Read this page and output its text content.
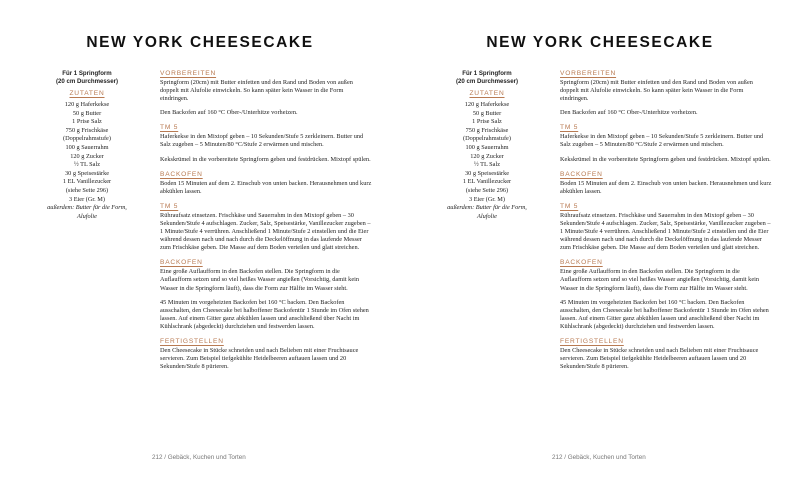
NEW YORK CHEESECAKE
Für 1 Springform
(20 cm Durchmesser)
ZUTATEN
120 g Haferkekse
50 g Butter
1 Prise Salz
750 g Frischkäse
(Doppelrahmstufe)
100 g Sauerrahm
120 g Zucker
½ TL Salz
30 g Speisestärke
1 EL Vanillezucker
(siehe Seite 296)
3 Eier (Gr. M)
außerdem: Butter für die Form, Alufolie
VORBEREITEN

Springform (20cm) mit Butter einfetten und den Rand und Boden von außen doppelt mit Alufolie einwickeln. So kann später kein Wasser in die Form eindringen.

Den Backofen auf 160 °C Ober-/Unterhitze vorheizen.

TM 5

Haferkekse in den Mixtopf geben – 10 Sekunden/Stufe 5 zerkleinern. Butter und Salz zugeben – 5 Minuten/80 °C/Stufe 2 erwärmen und mischen.

Kekskrümel in die vorbereitete Springform geben und festdrücken. Mixtopf spülen.

BACKOFEN

Boden 15 Minuten auf dem 2. Einschub von unten backen. Herausnehmen und kurz abkühlen lassen.

TM 5

Rühraufsatz einsetzen. Frischkäse und Sauerrahm in den Mixtopf geben – 30 Sekunden/Stufe 4 aufschlagen. Zucker, Salz, Speisestärke, Vanillezucker zugeben – 1 Minute/Stufe 4 verrühren. Anschließend 1 Minute/Stufe 2 einstellen und die Eier während dessen nach und nach durch die Deckelöffnung in das laufende Messer zum Frischkäse geben. Die Masse auf dem Boden verteilen und glatt streichen.

BACKOFEN

Eine große Auflaufform in den Backofen stellen. Die Springform in die Auflaufform setzen und so viel heißes Wasser angießen (Vorsichtig, damit kein Wasser in die Springform läuft), dass die Form zur Hälfte im Wasser steht.

45 Minuten im vorgeheizten Backofen bei 160 °C backen. Den Backofen ausschalten, den Cheesecake bei halboffener Backofentür 1 Stunde im Ofen stehen lassen. Auf einem Gitter ganz abkühlen lassen und anschließend über Nacht im Kühlschrank (abgedeckt) durchziehen und festwerden lassen.

FERTIGSTELLEN

Den Cheesecake in Stücke schneiden und nach Belieben mit einer Fruchtsauce servieren. Zum Beispiel tiefgekühlte Heidelbeeren auftauen lassen und 20 Sekunden/Stufe 8 pürieren.

212 / Gebäck, Kuchen und Torten
NEW YORK CHEESECAKE
Für 1 Springform
(20 cm Durchmesser)
ZUTATEN
120 g Haferkekse
50 g Butter
1 Prise Salz
750 g Frischkäse
(Doppelrahmstufe)
100 g Sauerrahm
120 g Zucker
½ TL Salz
30 g Speisestärke
1 EL Vanillezucker
(siehe Seite 296)
3 Eier (Gr. M)
außerdem: Butter für die Form, Alufolie
VORBEREITEN

Springform (20cm) mit Butter einfetten und den Rand und Boden von außen doppelt mit Alufolie einwickeln. So kann später kein Wasser in die Form eindringen.

Den Backofen auf 160 °C Ober-/Unterhitze vorheizen.

TM 5

Haferkekse in den Mixtopf geben – 10 Sekunden/Stufe 5 zerkleinern. Butter und Salz zugeben – 5 Minuten/80 °C/Stufe 2 erwärmen und mischen.

Kekskrümel in die vorbereitete Springform geben und festdrücken. Mixtopf spülen.

BACKOFEN

Boden 15 Minuten auf dem 2. Einschub von unten backen. Herausnehmen und kurz abkühlen lassen.

TM 5

Rühraufsatz einsetzen. Frischkäse und Sauerrahm in den Mixtopf geben – 30 Sekunden/Stufe 4 aufschlagen. Zucker, Salz, Speisestärke, Vanillezucker zugeben – 1 Minute/Stufe 4 verrühren. Anschließend 1 Minute/Stufe 2 einstellen und die Eier während dessen nach und nach durch die Deckelöffnung in das laufende Messer zum Frischkäse geben. Die Masse auf dem Boden verteilen und glatt streichen.

BACKOFEN

Eine große Auflaufform in den Backofen stellen. Die Springform in die Auflaufform setzen und so viel heißes Wasser angießen (Vorsichtig, damit kein Wasser in die Springform läuft), dass die Form zur Hälfte im Wasser steht.

45 Minuten im vorgeheizten Backofen bei 160 °C backen. Den Backofen ausschalten, den Cheesecake bei halboffener Backofentür 1 Stunde im Ofen stehen lassen. Auf einem Gitter ganz abkühlen lassen und anschließend über Nacht im Kühlschrank (abgedeckt) durchziehen und festwerden lassen.

FERTIGSTELLEN

Den Cheesecake in Stücke schneiden und nach Belieben mit einer Fruchtsauce servieren. Zum Beispiel tiefgekühlte Heidelbeeren auftauen lassen und 20 Sekunden/Stufe 8 pürieren.

212 / Gebäck, Kuchen und Torten
